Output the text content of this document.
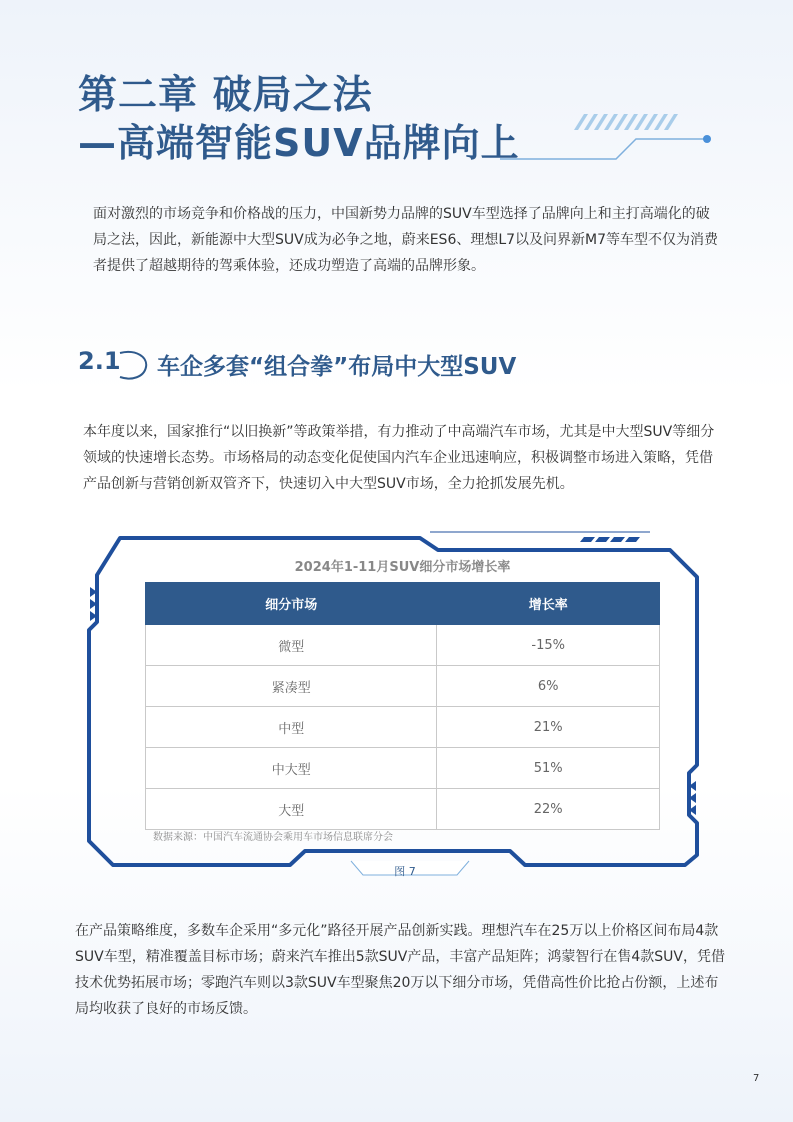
第二章 破局之法
—高端智能SUV品牌向上

面对激烈的市场竞争和价格战的压力，中国新势力品牌的SUV车型选择了品牌向上和主打高端化的破局之法，因此，新能源中大型SUV成为必争之地，蔚来ES6、理想L7以及问界新M7等车型不仅为消费者提供了超越期待的驾乘体验，还成功塑造了高端的品牌形象。

2.1 车企多套“组合拳”布局中大型SUV

本年度以来，国家推行“以旧换新”等政策举措，有力推动了中高端汽车市场，尤其是中大型SUV等细分领域的快速增长态势。市场格局的动态变化促使国内汽车企业迅速响应，积极调整市场进入策略，凭借产品创新与营销创新双管齐下，快速切入中大型SUV市场，全力抢抓发展先机。

2024年1-11月SUV细分市场增长率
细分市场	增长率
微型	-15%
紧凑型	6%
中型	21%
中大型	51%
大型	22%
数据来源：中国汽车流通协会乘用车市场信息联席分会
图 7

在产品策略维度，多数车企采用“多元化”路径开展产品创新实践。理想汽车在25万以上价格区间布局4款SUV车型，精准覆盖目标市场；蔚来汽车推出5款SUV产品，丰富产品矩阵；鸿蒙智行在售4款SUV，凭借技术优势拓展市场；零跑汽车则以3款SUV车型聚焦20万以下细分市场，凭借高性价比抢占份额，上述布局均收获了良好的市场反馈。

7
